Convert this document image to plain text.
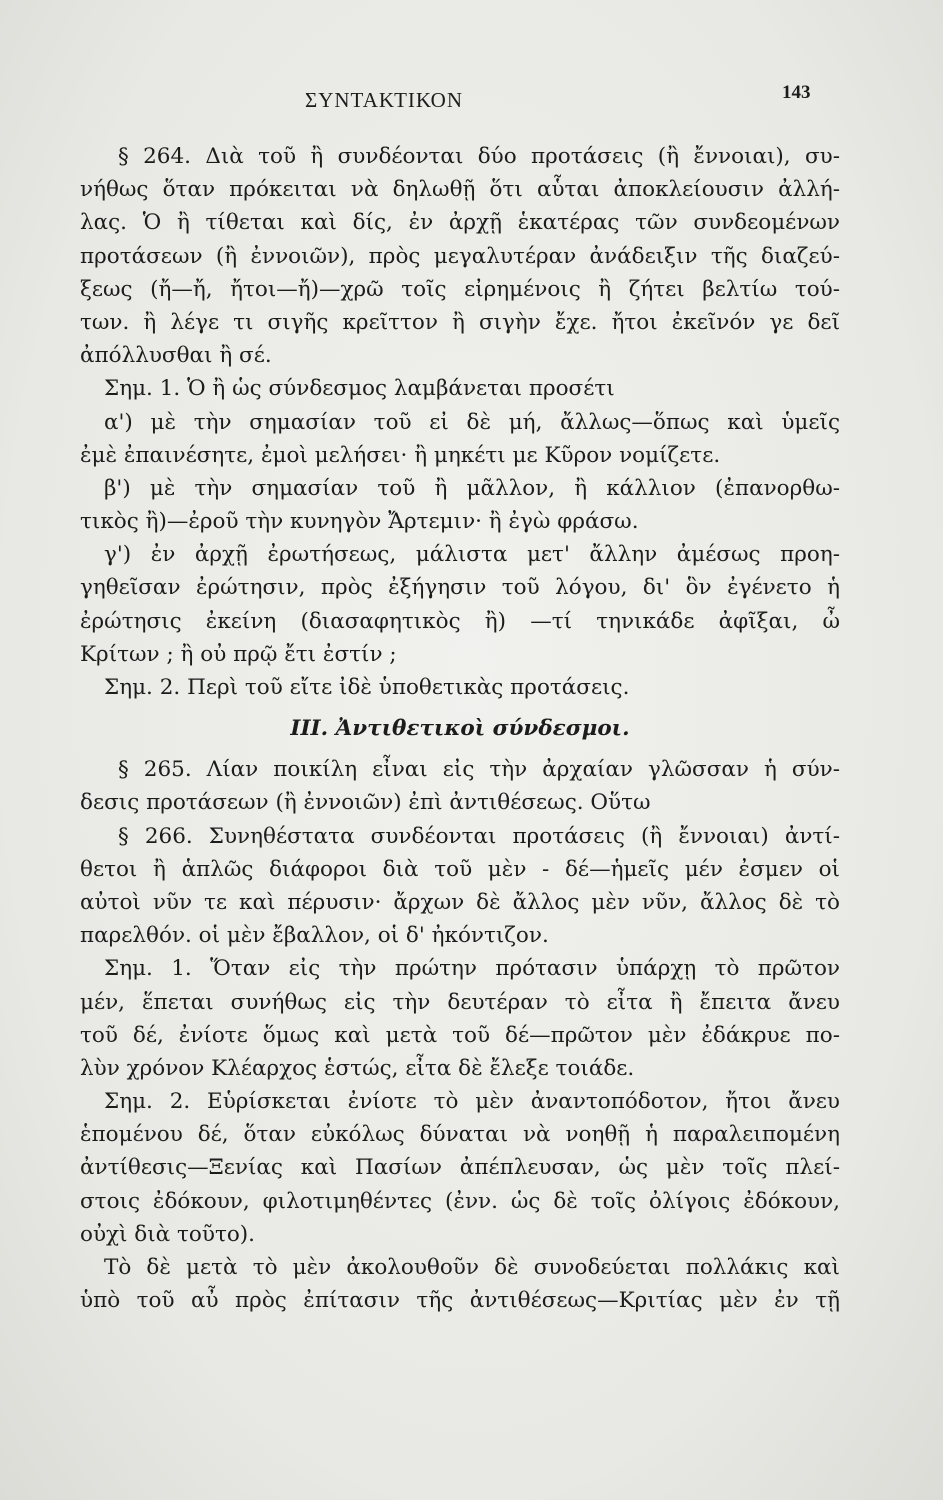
ΣΥΝΤΑΚΤΙΚΟΝ	143
§ 264. Διὰ τοῦ ἢ συνδέονται δύο προτάσεις (ἢ ἔννοιαι), συ-
νήθως ὅταν πρόκειται νὰ δηλωθῇ ὅτι αὗται ἀποκλείουσιν ἀλλή-
λας. Ὁ ἢ τίθεται καὶ δίς, ἐν ἀρχῇ ἑκατέρας τῶν συνδεομένων
προτάσεων (ἢ ἐννοιῶν), πρὸς μεγαλυτέραν ἀνάδειξιν τῆς διαζεύ-
ξεως (ἤ—ἤ, ἤτοι—ἤ)—χρῶ τοῖς εἰρημένοις ἢ ζήτει βελτίω τού-
των. ἢ λέγε τι σιγῆς κρεῖττον ἢ σιγὴν ἔχε. ἤτοι ἐκεῖνόν γε δεῖ
ἀπόλλυσθαι ἢ σέ.
Σημ. 1. Ὁ ἢ ὡς σύνδεσμος λαμβάνεται προσέτι
α') μὲ τὴν σημασίαν τοῦ εἰ δὲ μή, ἄλλως—ὅπως καὶ ὑμεῖς
ἐμὲ ἐπαινέσητε, ἐμοὶ μελήσει· ἢ μηκέτι με Κῦρον νομίζετε.
β') μὲ τὴν σημασίαν τοῦ ἢ μᾶλλον, ἢ κάλλιον (ἐπανορθω-
τικὸς ἢ)—ἐροῦ τὴν κυνηγὸν Ἄρτεμιν· ἢ ἐγὼ φράσω.
γ') ἐν ἀρχῇ ἐρωτήσεως, μάλιστα μετ' ἄλλην ἀμέσως προη-
γηθεῖσαν ἐρώτησιν, πρὸς ἐξήγησιν τοῦ λόγου, δι' ὃν ἐγένετο ἡ
ἐρώτησις ἐκείνη (διασαφητικὸς ἢ) —τί τηνικάδε ἀφῖξαι, ὦ
Κρίτων ; ἢ οὐ πρῷ ἔτι ἐστίν ;
Σημ. 2. Περὶ τοῦ εἴτε ἰδὲ ὑποθετικὰς προτάσεις.
III. Ἀντιθετικοὶ σύνδεσμοι.
§ 265. Λίαν ποικίλη εἶναι εἰς τὴν ἀρχαίαν γλῶσσαν ἡ σύν-
δεσις προτάσεων (ἢ ἐννοιῶν) ἐπὶ ἀντιθέσεως. Οὕτω
§ 266. Συνηθέστατα συνδέονται προτάσεις (ἢ ἔννοιαι) ἀντί-
θετοι ἢ ἁπλῶς διάφοροι διὰ τοῦ μὲν - δέ—ἡμεῖς μέν ἐσμεν οἱ
αὐτοὶ νῦν τε καὶ πέρυσιν· ἄρχων δὲ ἄλλος μὲν νῦν, ἄλλος δὲ τὸ
παρελθόν. οἱ μὲν ἔβαλλον, οἱ δ' ἠκόντιζον.
Σημ. 1. Ὅταν εἰς τὴν πρώτην πρότασιν ὑπάρχῃ τὸ πρῶτον
μέν, ἕπεται συνήθως εἰς τὴν δευτέραν τὸ εἶτα ἢ ἔπειτα ἄνευ
τοῦ δέ, ἐνίοτε ὅμως καὶ μετὰ τοῦ δέ—πρῶτον μὲν ἐδάκρυε πο-
λὺν χρόνον Κλέαρχος ἑστώς, εἶτα δὲ ἔλεξε τοιάδε.
Σημ. 2. Εὑρίσκεται ἐνίοτε τὸ μὲν ἀναντοπόδοτον, ἤτοι ἄνευ
ἑπομένου δέ, ὅταν εὐκόλως δύναται νὰ νοηθῇ ἡ παραλειπομένη
ἀντίθεσις—Ξενίας καὶ Πασίων ἀπέπλευσαν, ὡς μὲν τοῖς πλεί-
στοις ἐδόκουν, φιλοτιμηθέντες (ἐνν. ὡς δὲ τοῖς ὀλίγοις ἐδόκουν,
οὐχὶ διὰ τοῦτο).
Τὸ δὲ μετὰ τὸ μὲν ἀκολουθοῦν δὲ συνοδεύεται πολλάκις καὶ
ὑπὸ τοῦ αὖ πρὸς ἐπίτασιν τῆς ἀντιθέσεως—Κριτίας μὲν ἐν τῇ
